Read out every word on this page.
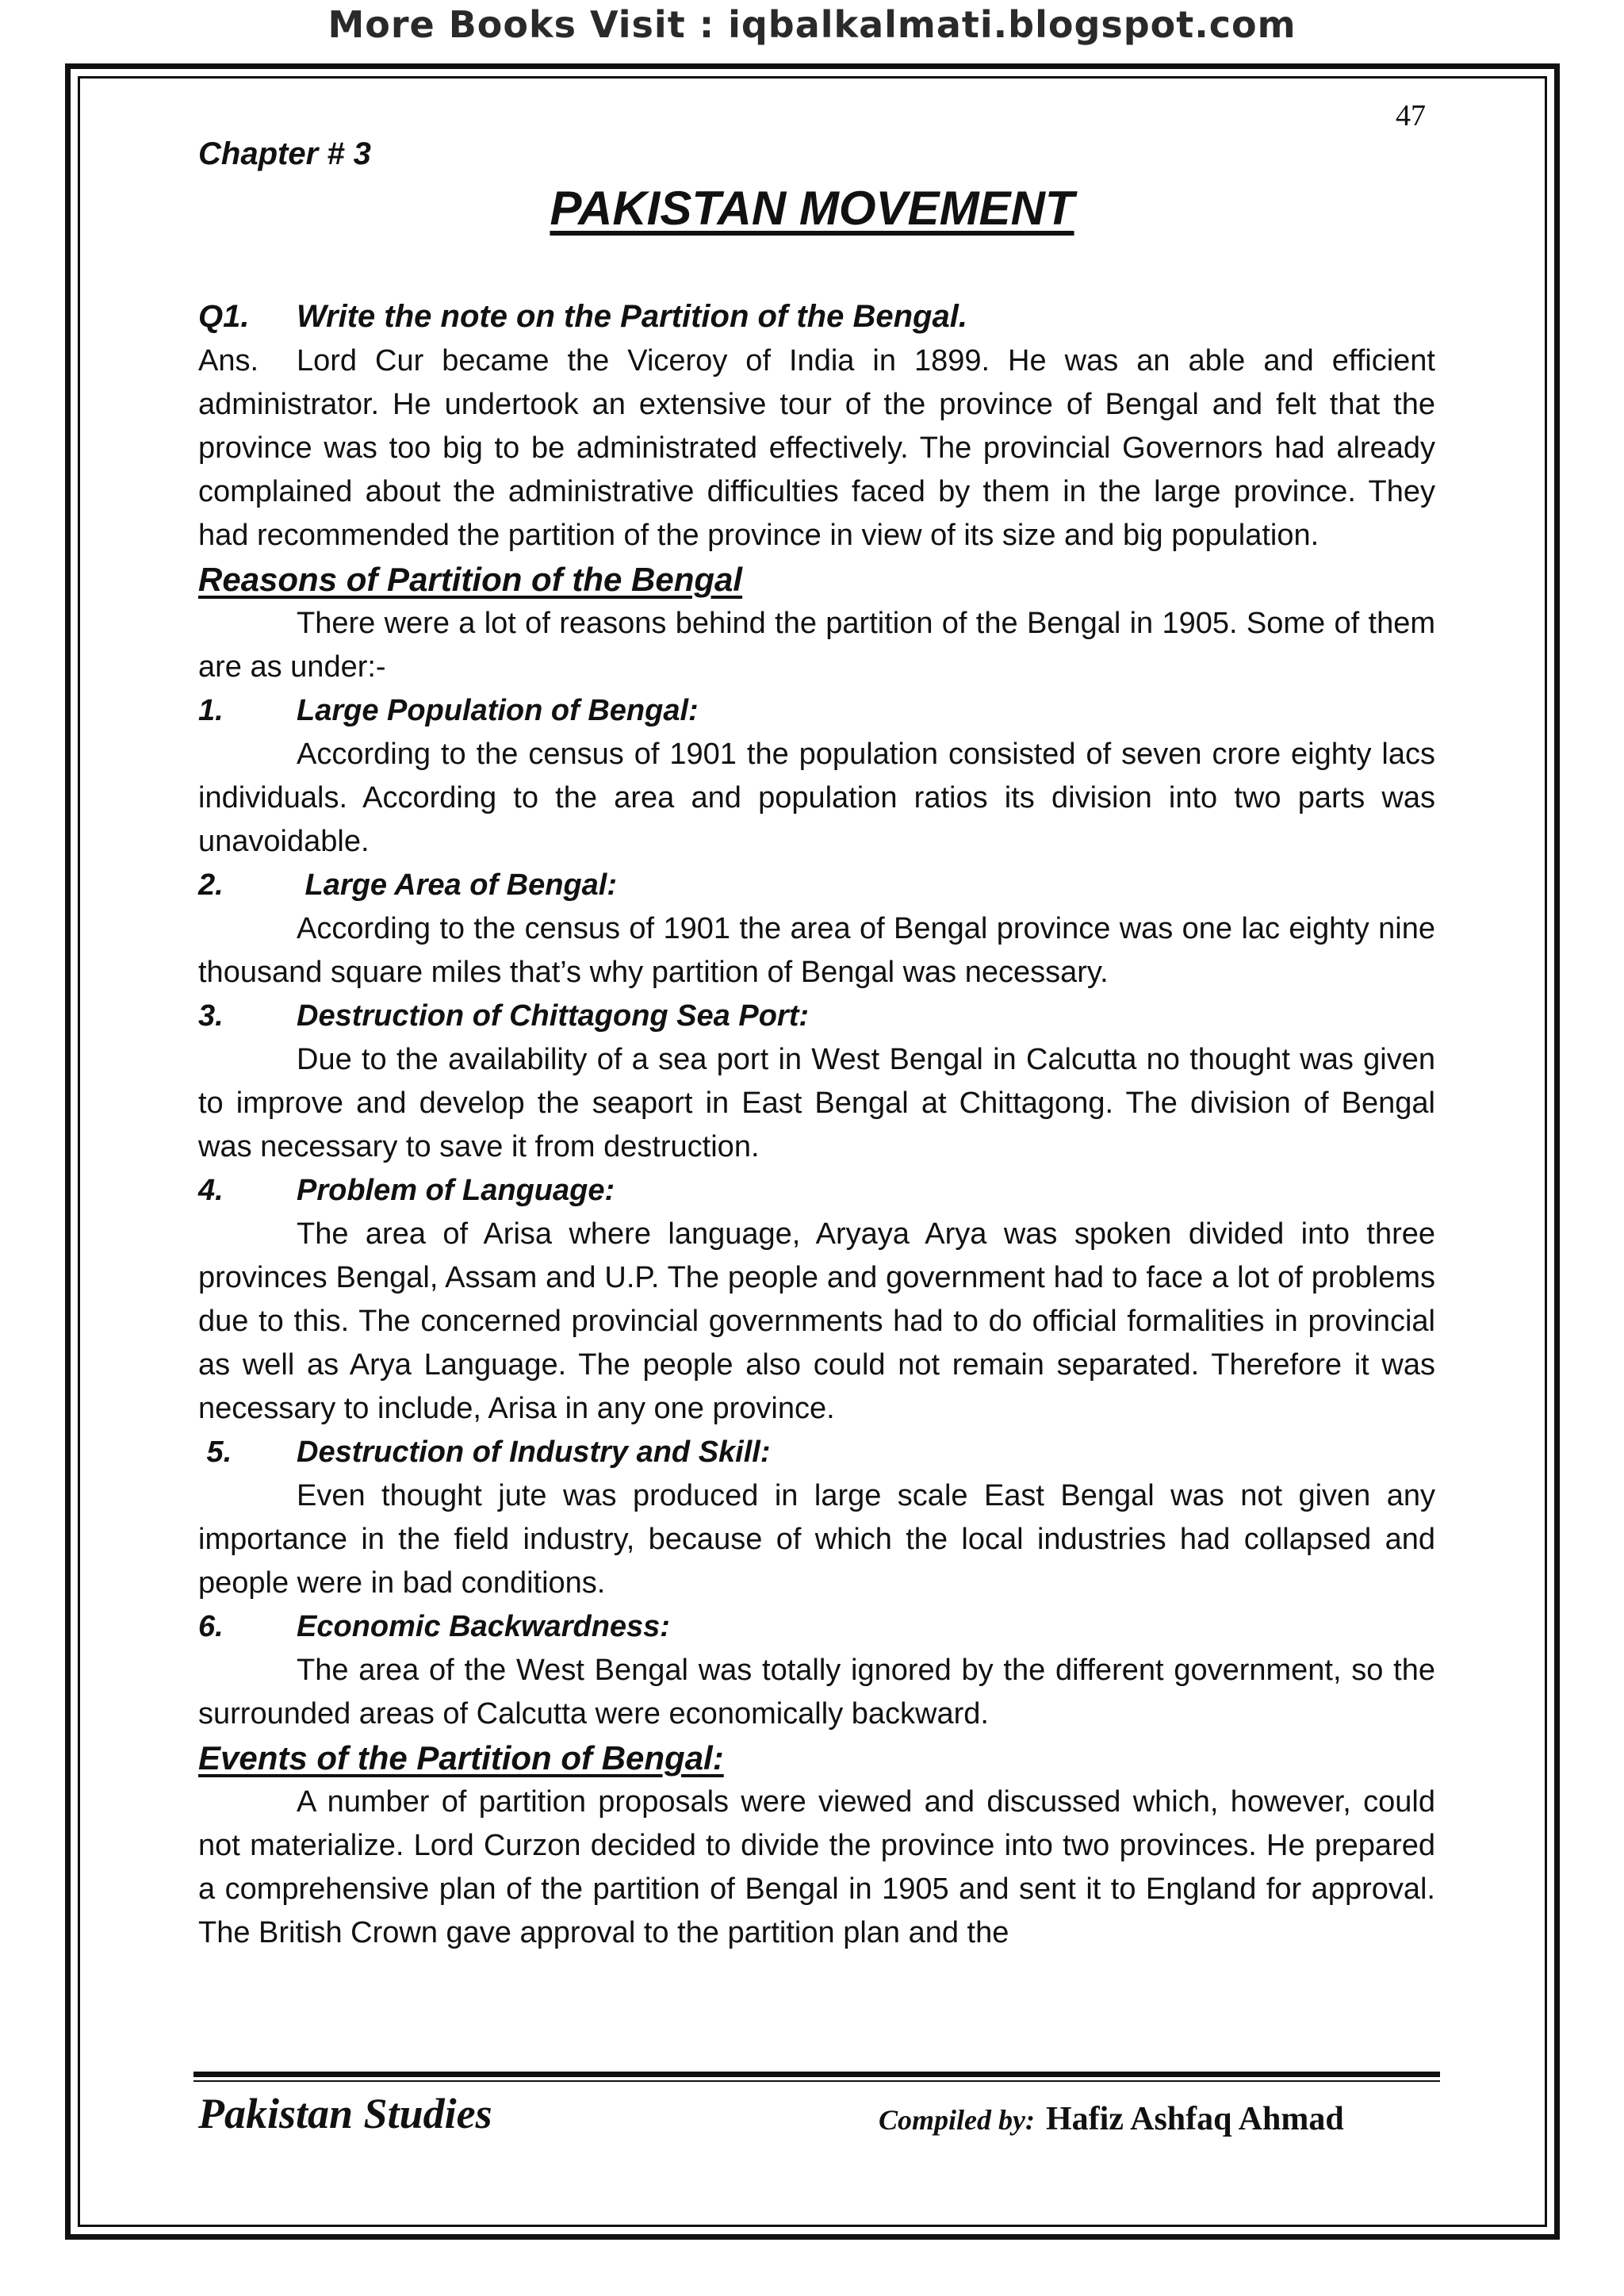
More Books Visit : iqbalkalmati.blogspot.com
47
Chapter # 3
PAKISTAN MOVEMENT

Q1. Write the note on the Partition of the Bengal.

Ans. Lord Cur became the Viceroy of India in 1899. He was an able and efficient administrator. He undertook an extensive tour of the province of Bengal and felt that the province was too big to be administrated effectively. The provincial Governors had already complained about the administrative difficulties faced by them in the large province. They had recommended the partition of the province in view of its size and big population.

Reasons of Partition of the Bengal

There were a lot of reasons behind the partition of the Bengal in 1905. Some of them are as under:-

1.	Large Population of Bengal:

According to the census of 1901 the population consisted of seven crore eighty lacs individuals. According to the area and population ratios its division into two parts was unavoidable.

2.	Large Area of Bengal:

According to the census of 1901 the area of Bengal province was one lac eighty nine thousand square miles that’s why partition of Bengal was necessary.

3.	Destruction of Chittagong Sea Port:

Due to the availability of a sea port in West Bengal in Calcutta no thought was given to improve and develop the seaport in East Bengal at Chittagong. The division of Bengal was necessary to save it from destruction.

4.	Problem of Language:

The area of Arisa where language, Aryaya Arya was spoken divided into three provinces Bengal, Assam and U.P. The people and government had to face a lot of problems due to this. The concerned provincial governments had to do official formalities in provincial as well as Arya Language. The people also could not remain separated. Therefore it was necessary to include, Arisa in any one province.

5.	Destruction of Industry and Skill:

Even thought jute was produced in large scale East Bengal was not given any importance in the field industry, because of which the local industries had collapsed and people were in bad conditions.

6.	Economic Backwardness:

The area of the West Bengal was totally ignored by the different government, so the surrounded areas of Calcutta were economically backward.

Events of the Partition of Bengal:

A number of partition proposals were viewed and discussed which, however, could not materialize. Lord Curzon decided to divide the province into two provinces. He prepared a comprehensive plan of the partition of Bengal in 1905 and sent it to England for approval. The British Crown gave approval to the partition plan and the

Pakistan Studies	Compiled by: Hafiz Ashfaq Ahmad
